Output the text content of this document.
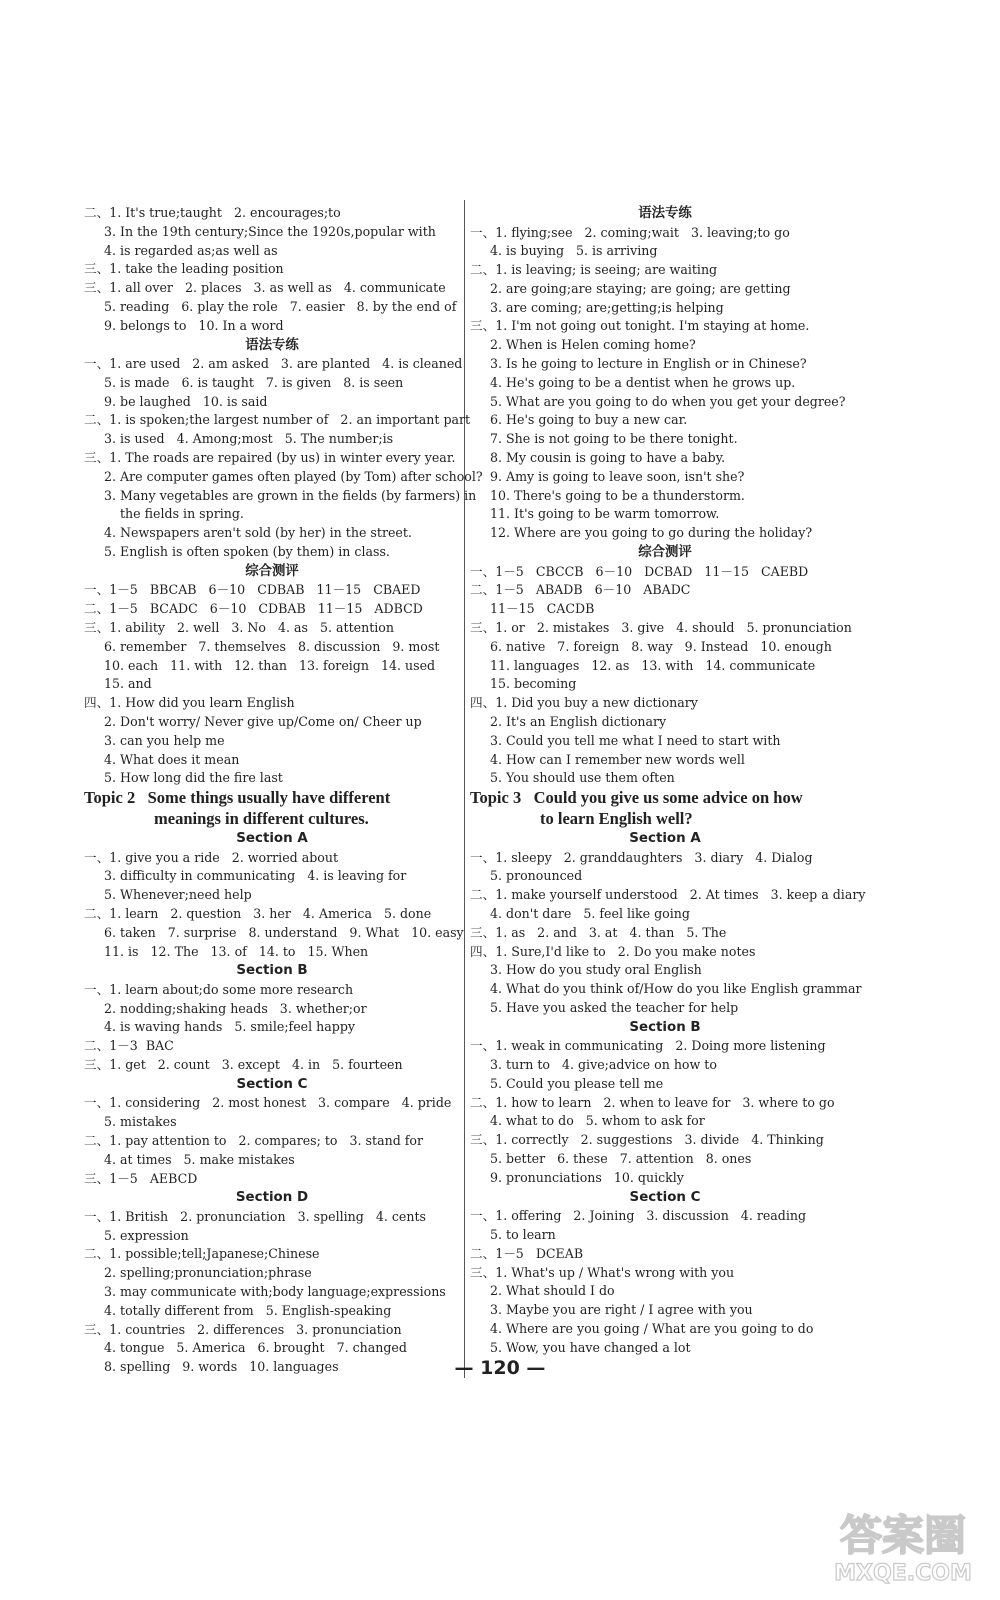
二、1. It's true;taught   2. encourages;to
3. In the 19th century;Since the 1920s,popular with
4. is regarded as;as well as
三、1. take the leading position
三、1. all over   2. places   3. as well as   4. communicate
5. reading   6. play the role   7. easier   8. by the end of
9. belongs to   10. In a word
语法专练
一、1. are used   2. am asked   3. are planted   4. is cleaned
5. is made   6. is taught   7. is given   8. is seen
9. be laughed   10. is said
二、1. is spoken;the largest number of   2. an important part
3. is used   4. Among;most   5. The number;is
三、1. The roads are repaired (by us) in winter every year.
2. Are computer games often played (by Tom) after school?
3. Many vegetables are grown in the fields (by farmers) in
the fields in spring.
4. Newspapers aren't sold (by her) in the street.
5. English is often spoken (by them) in class.
综合测评
一、1－5   BBCAB   6－10   CDBAB   11－15   CBAED
二、1－5   BCADC   6－10   CDBAB   11－15   ADBCD
三、1. ability   2. well   3. No   4. as   5. attention
6. remember   7. themselves   8. discussion   9. most
10. each   11. with   12. than   13. foreign   14. used
15. and
四、1. How did you learn English
2. Don't worry/ Never give up/Come on/ Cheer up
3. can you help me
4. What does it mean
5. How long did the fire last
Topic 2   Some things usually have different
meanings in different cultures.
Section A
一、1. give you a ride   2. worried about
3. difficulty in communicating   4. is leaving for
5. Whenever;need help
二、1. learn   2. question   3. her   4. America   5. done
6. taken   7. surprise   8. understand   9. What   10. easy
11. is   12. The   13. of   14. to   15. When
Section B
一、1. learn about;do some more research
2. nodding;shaking heads   3. whether;or
4. is waving hands   5. smile;feel happy
二、1－3  BAC
三、1. get   2. count   3. except   4. in   5. fourteen
Section C
一、1. considering   2. most honest   3. compare   4. pride
5. mistakes
二、1. pay attention to   2. compares; to   3. stand for
4. at times   5. make mistakes
三、1－5   AEBCD
Section D
一、1. British   2. pronunciation   3. spelling   4. cents
5. expression
二、1. possible;tell;Japanese;Chinese
2. spelling;pronunciation;phrase
3. may communicate with;body language;expressions
4. totally different from   5. English-speaking
三、1. countries   2. differences   3. pronunciation
4. tongue   5. America   6. brought   7. changed
8. spelling   9. words   10. languages
语法专练
一、1. flying;see   2. coming;wait   3. leaving;to go
4. is buying   5. is arriving
二、1. is leaving; is seeing; are waiting
2. are going;are staying; are going; are getting
3. are coming; are;getting;is helping
三、1. I'm not going out tonight. I'm staying at home.
2. When is Helen coming home?
3. Is he going to lecture in English or in Chinese?
4. He's going to be a dentist when he grows up.
5. What are you going to do when you get your degree?
6. He's going to buy a new car.
7. She is not going to be there tonight.
8. My cousin is going to have a baby.
9. Amy is going to leave soon, isn't she?
10. There's going to be a thunderstorm.
11. It's going to be warm tomorrow.
12. Where are you going to go during the holiday?
综合测评
一、1－5   CBCCB   6－10   DCBAD   11－15   CAEBD
二、1－5   ABADB   6－10   ABADC
11－15   CACDB
三、1. or   2. mistakes   3. give   4. should   5. pronunciation
6. native   7. foreign   8. way   9. Instead   10. enough
11. languages   12. as   13. with   14. communicate
15. becoming
四、1. Did you buy a new dictionary
2. It's an English dictionary
3. Could you tell me what I need to start with
4. How can I remember new words well
5. You should use them often
Topic 3   Could you give us some advice on how
to learn English well?
Section A
一、1. sleepy   2. granddaughters   3. diary   4. Dialog
5. pronounced
二、1. make yourself understood   2. At times   3. keep a diary
4. don't dare   5. feel like going
三、1. as   2. and   3. at   4. than   5. The
四、1. Sure,I'd like to   2. Do you make notes
3. How do you study oral English
4. What do you think of/How do you like English grammar
5. Have you asked the teacher for help
Section B
一、1. weak in communicating   2. Doing more listening
3. turn to   4. give;advice on how to
5. Could you please tell me
二、1. how to learn   2. when to leave for   3. where to go
4. what to do   5. whom to ask for
三、1. correctly   2. suggestions   3. divide   4. Thinking
5. better   6. these   7. attention   8. ones
9. pronunciations   10. quickly
Section C
一、1. offering   2. Joining   3. discussion   4. reading
5. to learn
二、1－5   DCEAB
三、1. What's up / What's wrong with you
2. What should I do
3. Maybe you are right / I agree with you
4. Where are you going / What are you going to do
5. Wow, you have changed a lot
— 120 —
答案圈
MXQE.COM
